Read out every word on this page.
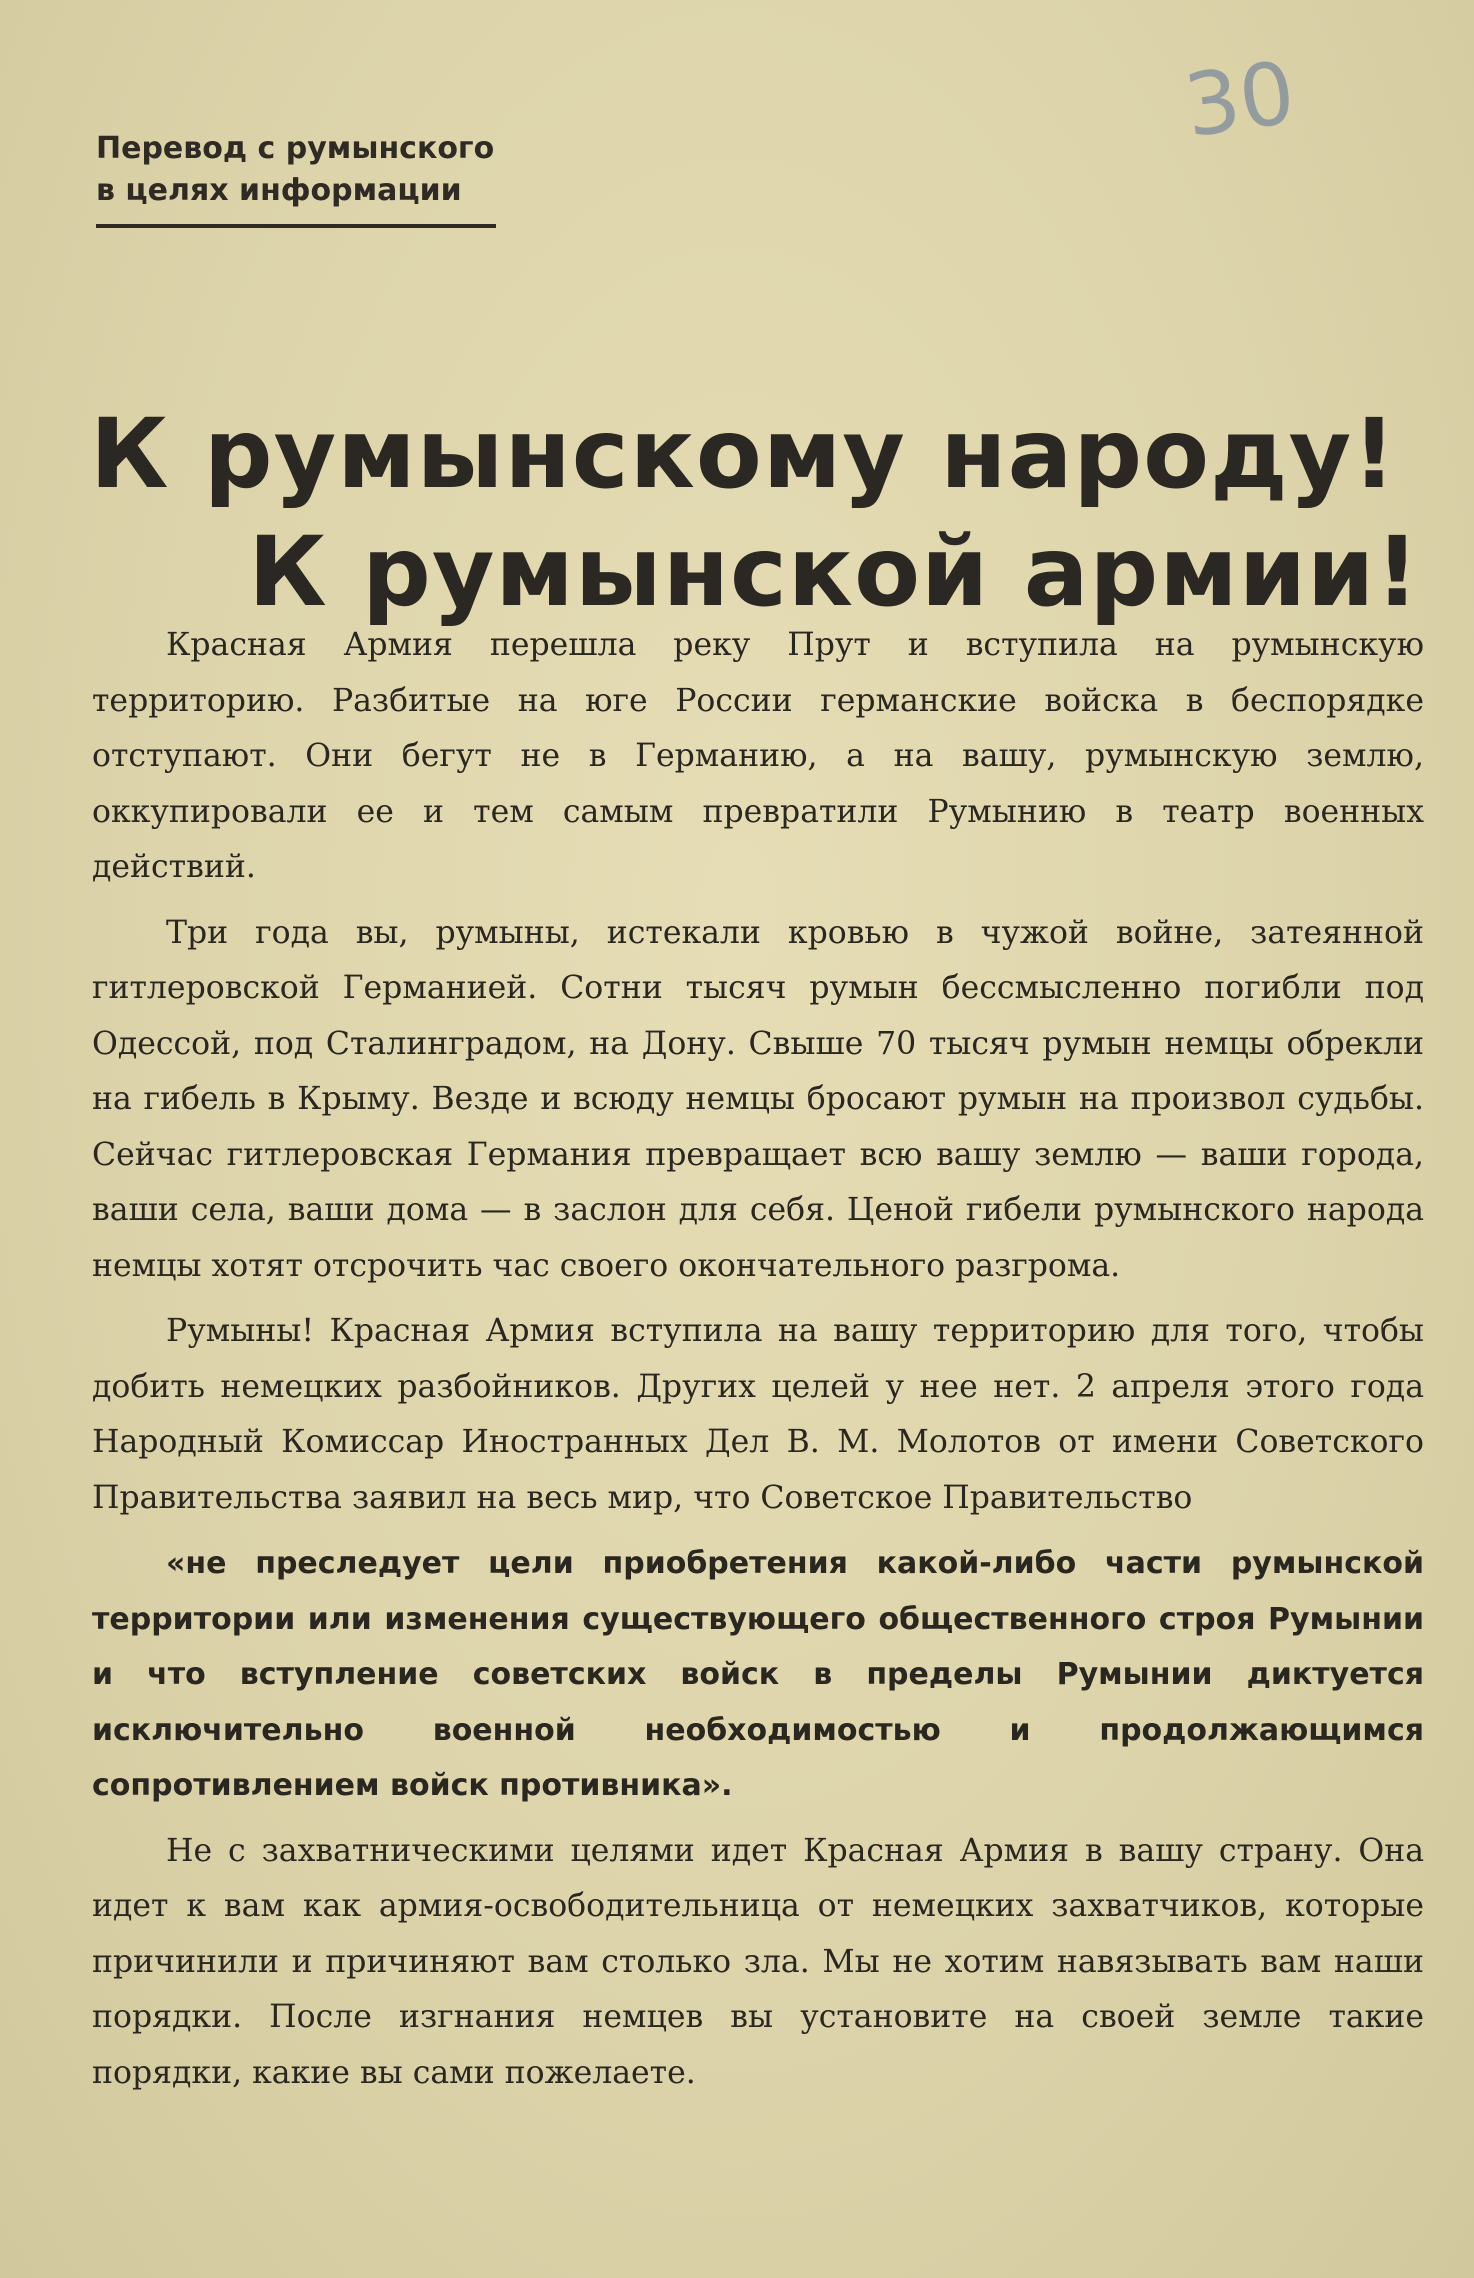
Перевод с румынского
в целях информации
30
К румынскому народу!
К румынской армии!

Красная Армия перешла реку Прут и вступила на румынскую территорию. Разбитые на юге России германские войска в беспорядке отступают. Они бегут не в Германию, а на вашу, румынскую землю, оккупировали ее и тем самым превратили Румынию в театр военных действий.

Три года вы, румыны, истекали кровью в чужой войне, затеянной гитлеровской Германией. Сотни тысяч румын бессмысленно погибли под Одессой, под Сталинградом, на Дону. Свыше 70 тысяч румын немцы обрекли на гибель в Крыму. Везде и всюду немцы бросают румын на произвол судьбы. Сейчас гитлеровская Германия превращает всю вашу землю — ваши города, ваши села, ваши дома — в заслон для себя. Ценой гибели румынского народа немцы хотят отсрочить час своего окончательного разгрома.

Румыны! Красная Армия вступила на вашу территорию для того, чтобы добить немецких разбойников. Других целей у нее нет. 2 апреля этого года Народный Комиссар Иностранных Дел В. М. Молотов от имени Советского Правительства заявил на весь мир, что Советское Правительство

«не преследует цели приобретения какой-либо части румынской территории или изменения существующего общественного строя Румынии и что вступление советских войск в пределы Румынии диктуется исключительно военной необходимостью и продолжающимся сопротивлением войск противника».

Не с захватническими целями идет Красная Армия в вашу страну. Она идет к вам как армия-освободительница от немецких захватчиков, которые причинили и причиняют вам столько зла. Мы не хотим навязывать вам наши порядки. После изгнания немцев вы установите на своей земле такие порядки, какие вы сами пожелаете.
